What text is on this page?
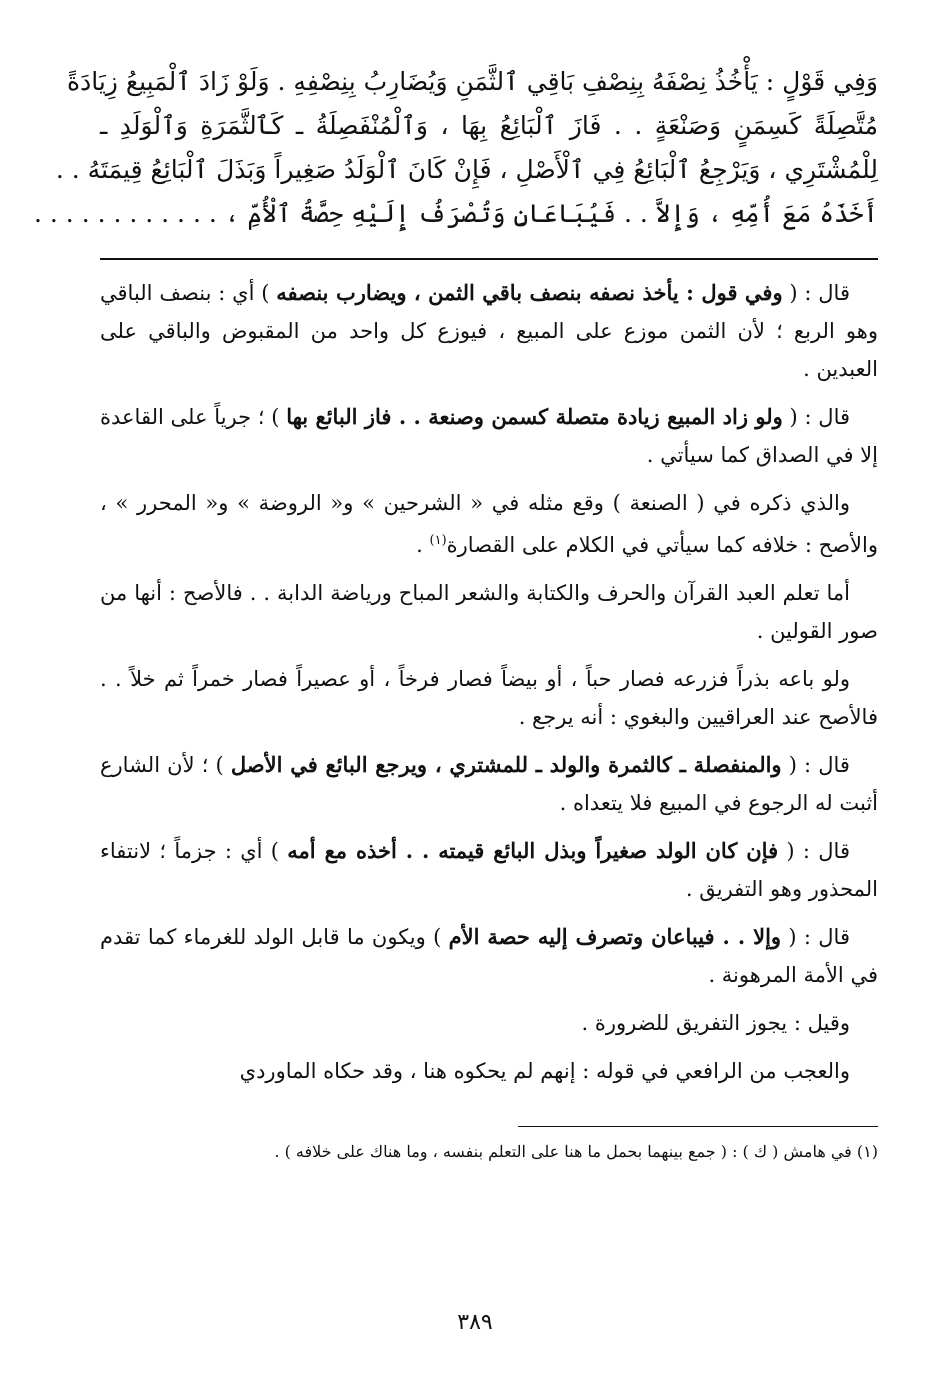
وَفِي قَوْلٍ : يَأْخُذُ نِصْفَهُ بِنِصْفِ بَاقِي ٱلثَّمَنِ وَيُضَارِبُ بِنِصْفِهِ . وَلَوْ زَادَ ٱلْمَبِيعُ زِيَادَةً
مُتَّصِلَةً كَسِمَنٍ وَصَنْعَةٍ . . فَازَ ٱلْبَائِعُ بِهَا ، وَٱلْمُنْفَصِلَةُ ـ كَٱلثَّمَرَةِ وَٱلْوَلَدِ ـ
لِلْمُشْتَرِي ، وَيَرْجِعُ ٱلْبَائِعُ فِي ٱلْأَصْلِ ، فَإِنْ كَانَ ٱلْوَلَدُ صَغِيراً وَبَذَلَ ٱلْبَائِعُ قِيمَتَهُ . .
أَخَذَهُ مَعَ أُمِّهِ ، وَإِلاَّ . . فَيُبَاعَانِ وَتُصْرَفُ إِلَيْهِ حِصَّةُ ٱلْأُمِّ ، . . . . . . . . . . . .

قال : ( وفي قول : يأخذ نصفه بنصف باقي الثمن ، ويضارب بنصفه ) أي : بنصف الباقي وهو الربع ؛ لأن الثمن موزع على المبيع ، فيوزع كل واحد من المقبوض والباقي على العبدين .

قال : ( ولو زاد المبيع زيادة متصلة كسمن وصنعة . . فاز البائع بها ) ؛ جرياً على القاعدة إلا في الصداق كما سيأتي .

والذي ذكره في ( الصنعة ) وقع مثله في « الشرحين » و« الروضة » و« المحرر » ، والأصح : خلافه كما سيأتي في الكلام على القصارة$^{(١)}$ .

أما تعلم العبد القرآن والحرف والكتابة والشعر المباح ورياضة الدابة . . فالأصح : أنها من صور القولين .

ولو باعه بذراً فزرعه فصار حباً ، أو بيضاً فصار فرخاً ، أو عصيراً فصار خمراً ثم خلاً . . فالأصح عند العراقيين والبغوي : أنه يرجع .

قال : ( والمنفصلة ـ كالثمرة والولد ـ للمشتري ، ويرجع البائع في الأصل ) ؛ لأن الشارع أثبت له الرجوع في المبيع فلا يتعداه .

قال : ( فإن كان الولد صغيراً وبذل البائع قيمته . . أخذه مع أمه ) أي : جزماً ؛ لانتفاء المحذور وهو التفريق .

قال : ( وإلا . . فيباعان وتصرف إليه حصة الأم ) ويكون ما قابل الولد للغرماء كما تقدم في الأمة المرهونة .

وقيل : يجوز التفريق للضرورة .

والعجب من الرافعي في قوله : إنهم لم يحكوه هنا ، وقد حكاه الماوردي

(١) في هامش ( ك ) : ( جمع بينهما بحمل ما هنا على التعلم بنفسه ، وما هناك على خلافه ) .

٣٨٩
